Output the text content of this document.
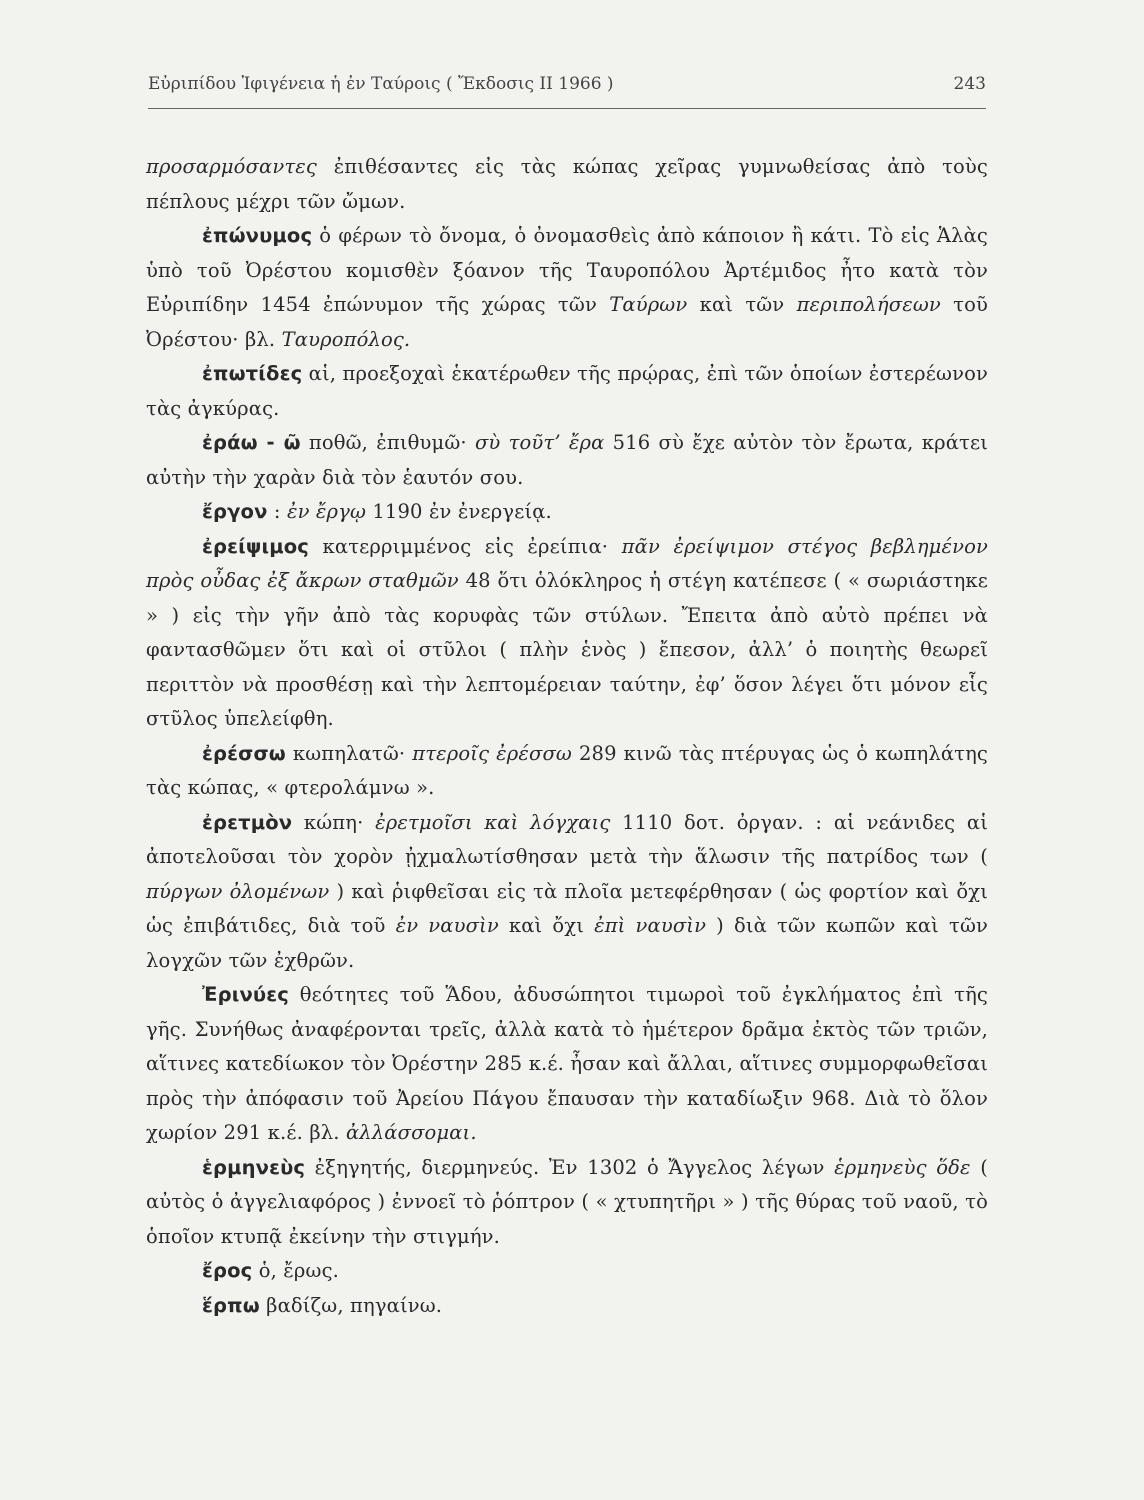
Εὐριπίδου Ἰφιγένεια ἡ ἐν Ταύροις ( Ἔκδοσις ΙΙ 1966 )	243

προσαρμόσαντες ἐπιθέσαντες εἰς τὰς κώπας χεῖρας γυμνωθείσας ἀπὸ τοὺς πέπλους μέχρι τῶν ὤμων.

ἐπώνυμος ὁ φέρων τὸ ὄνομα, ὁ ὀνομασθεὶς ἀπὸ κάποιον ἢ κάτι. Τὸ εἰς Ἁλὰς ὑπὸ τοῦ Ὀρέστου κομισθὲν ξόανον τῆς Ταυροπόλου Ἀρτέμιδος ἦτο κατὰ τὸν Εὐριπίδην 1454 ἐπώνυμον τῆς χώρας τῶν Ταύρων καὶ τῶν περιπολήσεων τοῦ Ὀρέστου· βλ. Ταυροπόλος.

ἐπωτίδες αἱ, προεξοχαὶ ἑκατέρωθεν τῆς πρῴρας, ἐπὶ τῶν ὁποίων ἐστερέωνον τὰς ἀγκύρας.

ἐράω - ῶ ποθῶ, ἐπιθυμῶ· σὺ τοῦτ’ ἔρα 516 σὺ ἔχε αὐτὸν τὸν ἔρωτα, κράτει αὐτὴν τὴν χαρὰν διὰ τὸν ἑαυτόν σου.

ἔργον : ἐν ἔργῳ 1190 ἐν ἐνεργείᾳ.

ἐρείψιμος κατερριμμένος εἰς ἐρείπια· πᾶν ἐρείψιμον στέγος βεβλημένον πρὸς οὖδας ἐξ ἄκρων σταθμῶν 48 ὅτι ὁλόκληρος ἡ στέγη κατέπεσε ( « σωριάστηκε » ) εἰς τὴν γῆν ἀπὸ τὰς κορυφὰς τῶν στύλων. Ἔπειτα ἀπὸ αὐτὸ πρέπει νὰ φαντασθῶμεν ὅτι καὶ οἱ στῦλοι ( πλὴν ἑνὸς ) ἔπεσον, ἀλλ’ ὁ ποιητὴς θεωρεῖ περιττὸν νὰ προσθέσῃ καὶ τὴν λεπτομέρειαν ταύτην, ἐφ’ ὅσον λέγει ὅτι μόνον εἷς στῦλος ὑπελείφθη.

ἐρέσσω κωπηλατῶ· πτεροῖς ἐρέσσω 289 κινῶ τὰς πτέρυγας ὡς ὁ κωπηλάτης τὰς κώπας, « φτερολάμνω ».

ἐρετμὸν κώπη· ἐρετμοῖσι καὶ λόγχαις 1110 δοτ. ὀργαν. : αἱ νεάνιδες αἱ ἀποτελοῦσαι τὸν χορὸν ᾐχμαλωτίσθησαν μετὰ τὴν ἅλωσιν τῆς πατρίδος των ( πύργων ὀλομένων ) καὶ ῥιφθεῖσαι εἰς τὰ πλοῖα μετεφέρθησαν ( ὡς φορτίον καὶ ὄχι ὡς ἐπιβάτιδες, διὰ τοῦ ἐν ναυσὶν καὶ ὄχι ἐπὶ ναυσὶν ) διὰ τῶν κωπῶν καὶ τῶν λογχῶν τῶν ἐχθρῶν.

Ἐρινύες θεότητες τοῦ Ἅδου, ἀδυσώπητοι τιμωροὶ τοῦ ἐγκλήματος ἐπὶ τῆς γῆς. Συνήθως ἀναφέρονται τρεῖς, ἀλλὰ κατὰ τὸ ἡμέτερον δρᾶμα ἐκτὸς τῶν τριῶν, αἵτινες κατεδίωκον τὸν Ὀρέστην 285 κ.έ. ἦσαν καὶ ἄλλαι, αἵτινες συμμορφωθεῖσαι πρὸς τὴν ἀπόφασιν τοῦ Ἀρείου Πάγου ἔπαυσαν τὴν καταδίωξιν 968. Διὰ τὸ ὅλον χωρίον 291 κ.έ. βλ. ἀλλάσσομαι.

ἑρμηνεὺς ἐξηγητής, διερμηνεύς. Ἐν 1302 ὁ Ἄγγελος λέγων ἑρμηνεὺς ὅδε ( αὐτὸς ὁ ἀγγελιαφόρος ) ἐννοεῖ τὸ ῥόπτρον ( « χτυπητῆρι » ) τῆς θύρας τοῦ ναοῦ, τὸ ὁποῖον κτυπᾷ ἐκείνην τὴν στιγμήν.

ἔρος ὁ, ἔρως.

ἕρπω βαδίζω, πηγαίνω.
